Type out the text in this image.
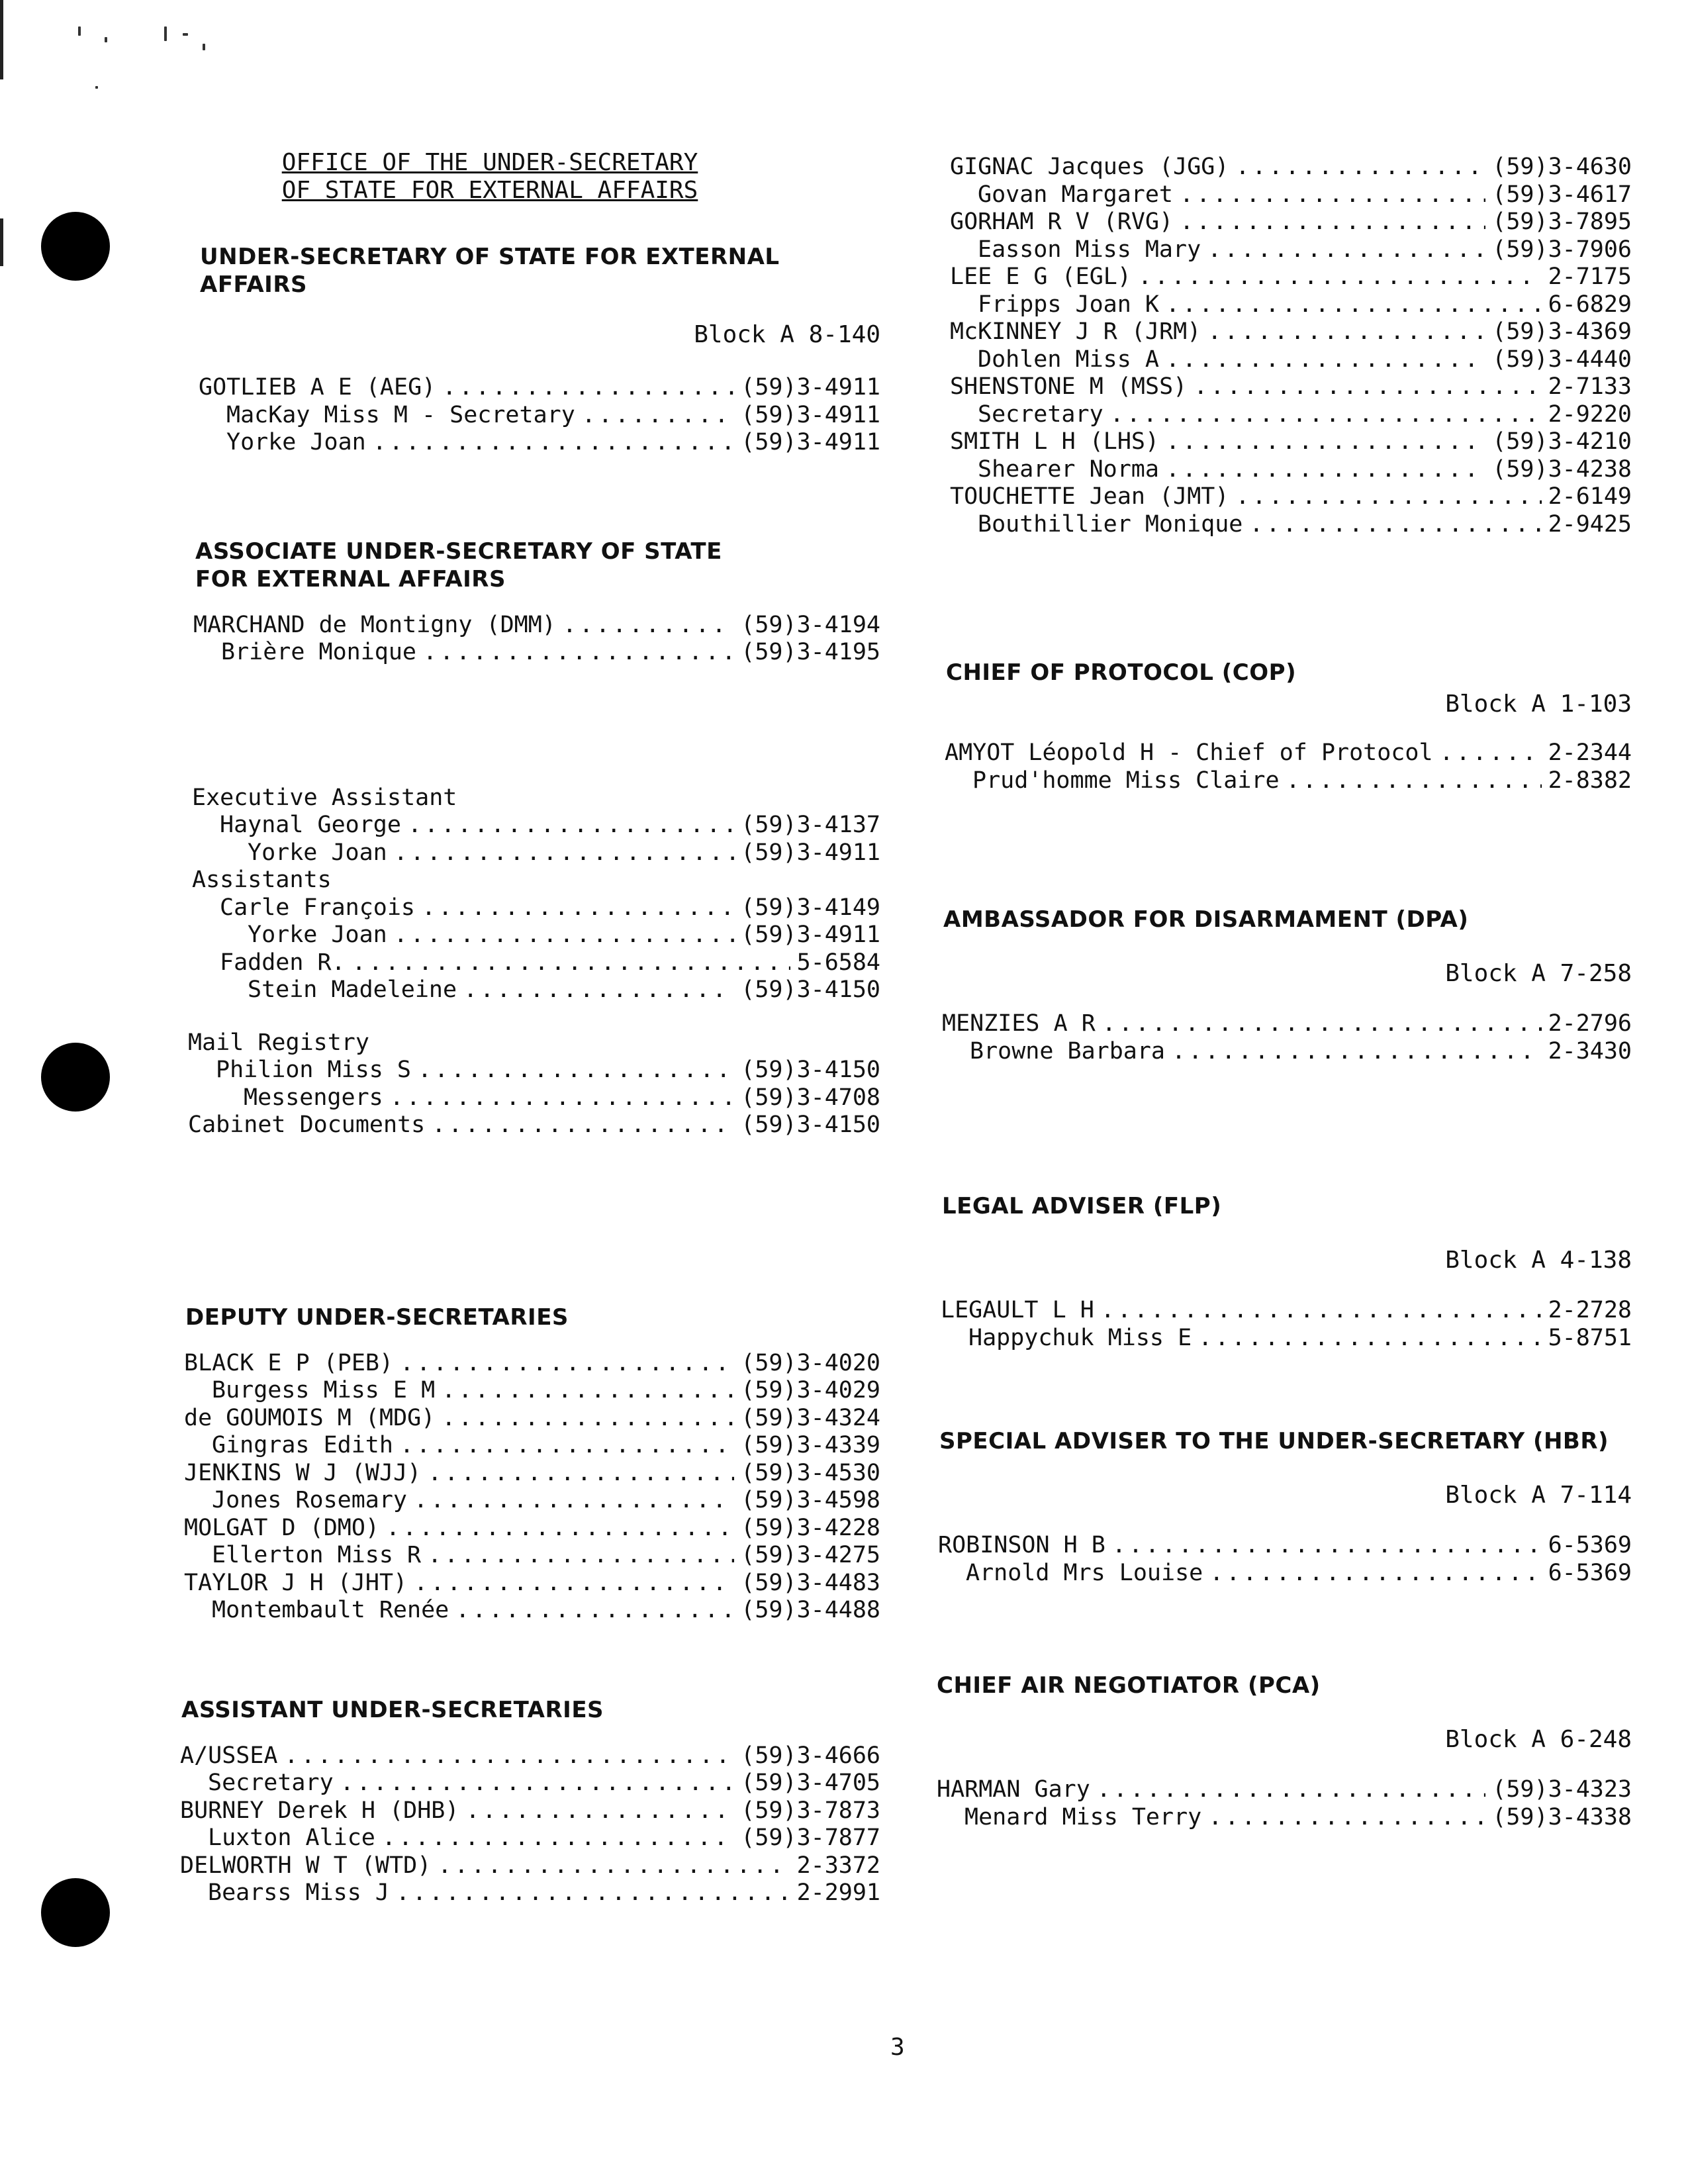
OFFICE OF THE UNDER-SECRETARY
OF STATE FOR EXTERNAL AFFAIRS
UNDER-SECRETARY OF STATE FOR EXTERNAL AFFAIRS
Block A 8-140
GOTLIEB A E (AEG) .....	(59)3-4911
MacKay Miss M - Secretary .....	(59)3-4911
Yorke Joan .....	(59)3-4911
ASSOCIATE UNDER-SECRETARY OF STATE
FOR EXTERNAL AFFAIRS
MARCHAND de Montigny (DMM) .....	(59)3-4194
Brière Monique .....	(59)3-4195
Executive Assistant
Haynal George .....	(59)3-4137
Yorke Joan .....	(59)3-4911
Assistants
Carle François .....	(59)3-4149
Yorke Joan .....	(59)3-4911
Fadden R. .....	5-6584
Stein Madeleine .....	(59)3-4150
Mail Registry
Philion Miss S .....	(59)3-4150
Messengers .....	(59)3-4708
Cabinet Documents .....	(59)3-4150
DEPUTY UNDER-SECRETARIES
BLACK E P (PEB) .....	(59)3-4020
Burgess Miss E M .....	(59)3-4029
de GOUMOIS M (MDG) .....	(59)3-4324
Gingras Edith .....	(59)3-4339
JENKINS W J (WJJ) .....	(59)3-4530
Jones Rosemary .....	(59)3-4598
MOLGAT D (DMO) .....	(59)3-4228
Ellerton Miss R .....	(59)3-4275
TAYLOR J H (JHT) .....	(59)3-4483
Montembault Renée .....	(59)3-4488
ASSISTANT UNDER-SECRETARIES
A/USSEA .....	(59)3-4666
Secretary .....	(59)3-4705
BURNEY Derek H (DHB) .....	(59)3-7873
Luxton Alice .....	(59)3-7877
DELWORTH W T (WTD) .....	2-3372
Bearss Miss J .....	2-2991
GIGNAC Jacques (JGG) .....	(59)3-4630
Govan Margaret .....	(59)3-4617
GORHAM R V (RVG) .....	(59)3-7895
Easson Miss Mary .....	(59)3-7906
LEE E G (EGL) .....	2-7175
Fripps Joan K .....	6-6829
McKINNEY J R (JRM) .....	(59)3-4369
Dohlen Miss A .....	(59)3-4440
SHENSTONE M (MSS) .....	2-7133
Secretary .....	2-9220
SMITH L H (LHS) .....	(59)3-4210
Shearer Norma .....	(59)3-4238
TOUCHETTE Jean (JMT) .....	2-6149
Bouthillier Monique .....	2-9425
CHIEF OF PROTOCOL (COP)
Block A 1-103
AMYOT Léopold H - Chief of Protocol .....	2-2344
Prud'homme Miss Claire .....	2-8382
AMBASSADOR FOR DISARMAMENT (DPA)
Block A 7-258
MENZIES A R .....	2-2796
Browne Barbara .....	2-3430
LEGAL ADVISER (FLP)
Block A 4-138
LEGAULT L H .....	2-2728
Happychuk Miss E .....	5-8751
SPECIAL ADVISER TO THE UNDER-SECRETARY (HBR)
Block A 7-114
ROBINSON H B .....	6-5369
Arnold Mrs Louise .....	6-5369
CHIEF AIR NEGOTIATOR (PCA)
Block A 6-248
HARMAN Gary .....	(59)3-4323
Menard Miss Terry .....	(59)3-4338
3
